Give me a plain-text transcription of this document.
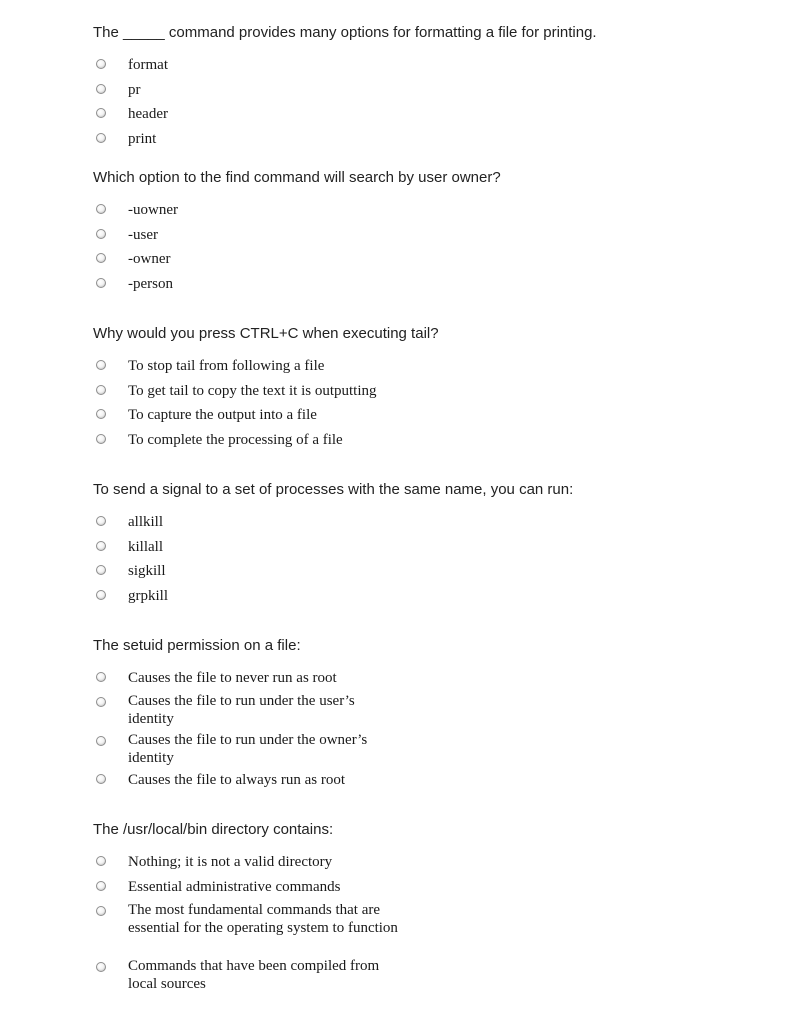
The _____ command provides many options for formatting a file for printing.

format
pr
header
print

Which option to the find command will search by user owner?

-uowner
-user
-owner
-person

Why would you press CTRL+C when executing tail?

To stop tail from following a file
To get tail to copy the text it is outputting
To capture the output into a file
To complete the processing of a file

To send a signal to a set of processes with the same name, you can run:

allkill
killall
sigkill
grpkill

The setuid permission on a file:

Causes the file to never run as root
Causes the file to run under the user’s identity
Causes the file to run under the owner’s identity
Causes the file to always run as root

The /usr/local/bin directory contains:

Nothing; it is not a valid directory
Essential administrative commands
The most fundamental commands that are essential for the operating system to function
Commands that have been compiled from local sources
